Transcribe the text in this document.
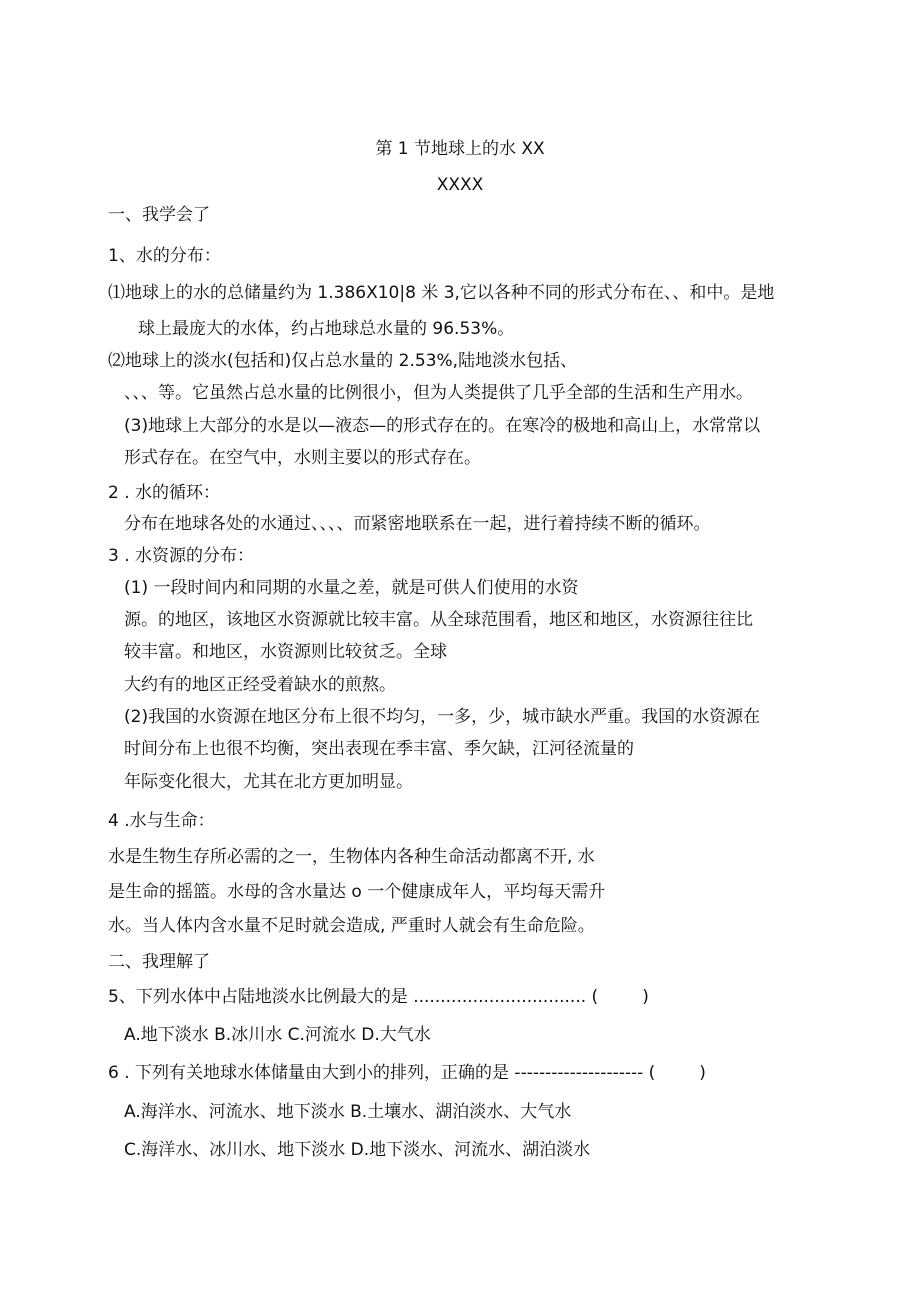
第 1 节地球上的水 XX
XXXX
一、我学会了
1、水的分布：
⑴地球上的水的总储量约为 1.386X10|8 米 3,它以各种不同的形式分布在、、和中。是地
球上最庞大的水体，约占地球总水量的 96.53%。
⑵地球上的淡水(包括和)仅占总水量的 2.53%,陆地淡水包括、
、、、等。它虽然占总水量的比例很小，但为人类提供了几乎全部的生活和生产用水。
(3)地球上大部分的水是以—液态—的形式存在的。在寒冷的极地和高山上，水常常以
形式存在。在空气中，水则主要以的形式存在。
2 . 水的循环：
分布在地球各处的水通过、、、、而紧密地联系在一起，进行着持续不断的循环。
3 . 水资源的分布：
(1) 一段时间内和同期的水量之差，就是可供人们使用的水资
源。的地区，该地区水资源就比较丰富。从全球范围看，地区和地区，水资源往往比
较丰富。和地区，水资源则比较贫乏。全球
大约有的地区正经受着缺水的煎熬。
(2)我国的水资源在地区分布上很不均匀，一多，少，城市缺水严重。我国的水资源在
时间分布上也很不均衡，突出表现在季丰富、季欠缺，江河径流量的
年际变化很大，尤其在北方更加明显。
4 .水与生命：
水是生物生存所必需的之一，生物体内各种生命活动都离不开, 水
是生命的摇篮。水母的含水量达 o 一个健康成年人，平均每天需升
水。当人体内含水量不足时就会造成, 严重时人就会有生命危险。
二、我理解了
5、下列水体中占陆地淡水比例最大的是 ................................ (	)
A.地下淡水 B.冰川水 C.河流水 D.大气水
6 . 下列有关地球水体储量由大到小的排列，正确的是 --------------------- (	)
A.海洋水、河流水、地下淡水 B.土壤水、湖泊淡水、大气水
C.海洋水、冰川水、地下淡水 D.地下淡水、河流水、湖泊淡水
